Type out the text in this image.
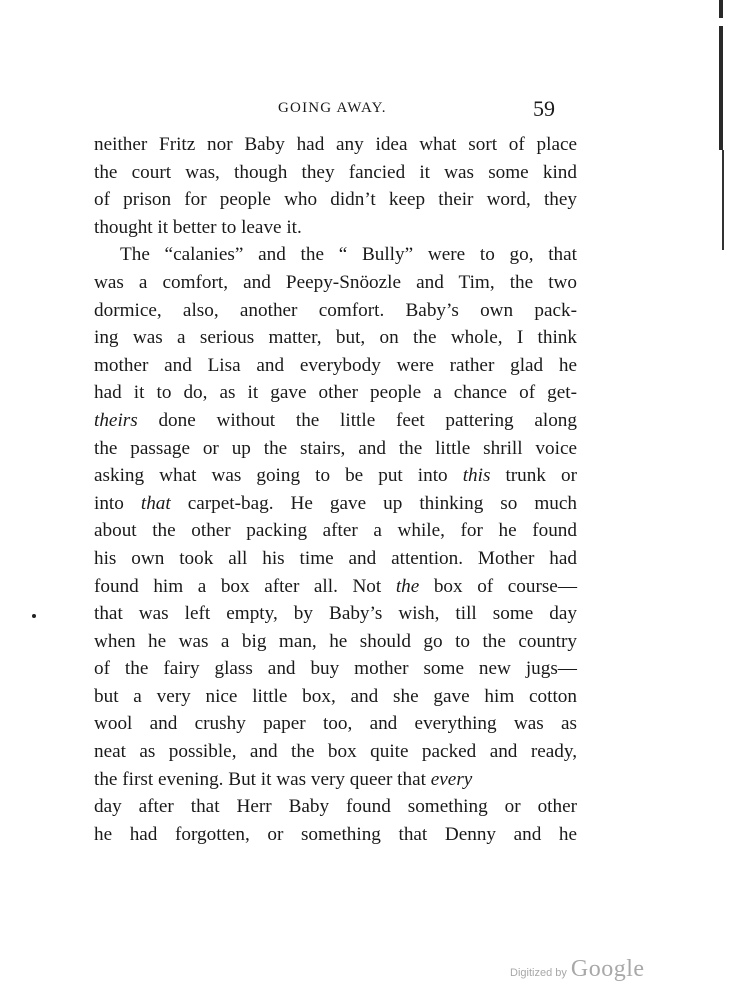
GOING AWAY.	59
neither Fritz nor Baby had any idea what sort of place
the court was, though they fancied it was some kind
of prison for people who didn’t keep their word, they
thought it better to leave it.
The “calanies” and the “ Bully” were to go, that
was a comfort, and Peepy-Snöozle and Tim, the two
dormice, also, another comfort. Baby’s own pack-
ing was a serious matter, but, on the whole, I think
mother and Lisa and everybody were rather glad he
had it to do, as it gave other people a chance of get-
theirs done without the little feet pattering along
the passage or up the stairs, and the little shrill voice
asking what was going to be put into this trunk or
into that carpet-bag. He gave up thinking so much
about the other packing after a while, for he found
his own took all his time and attention. Mother had
found him a box after all. Not the box of course—
that was left empty, by Baby’s wish, till some day
when he was a big man, he should go to the country
of the fairy glass and buy mother some new jugs—
but a very nice little box, and she gave him cotton
wool and crushy paper too, and everything was as
neat as possible, and the box quite packed and ready,
the first evening. But it was very queer that every
day after that Herr Baby found something or other
he had forgotten, or something that Denny and he
Digitized by Google
